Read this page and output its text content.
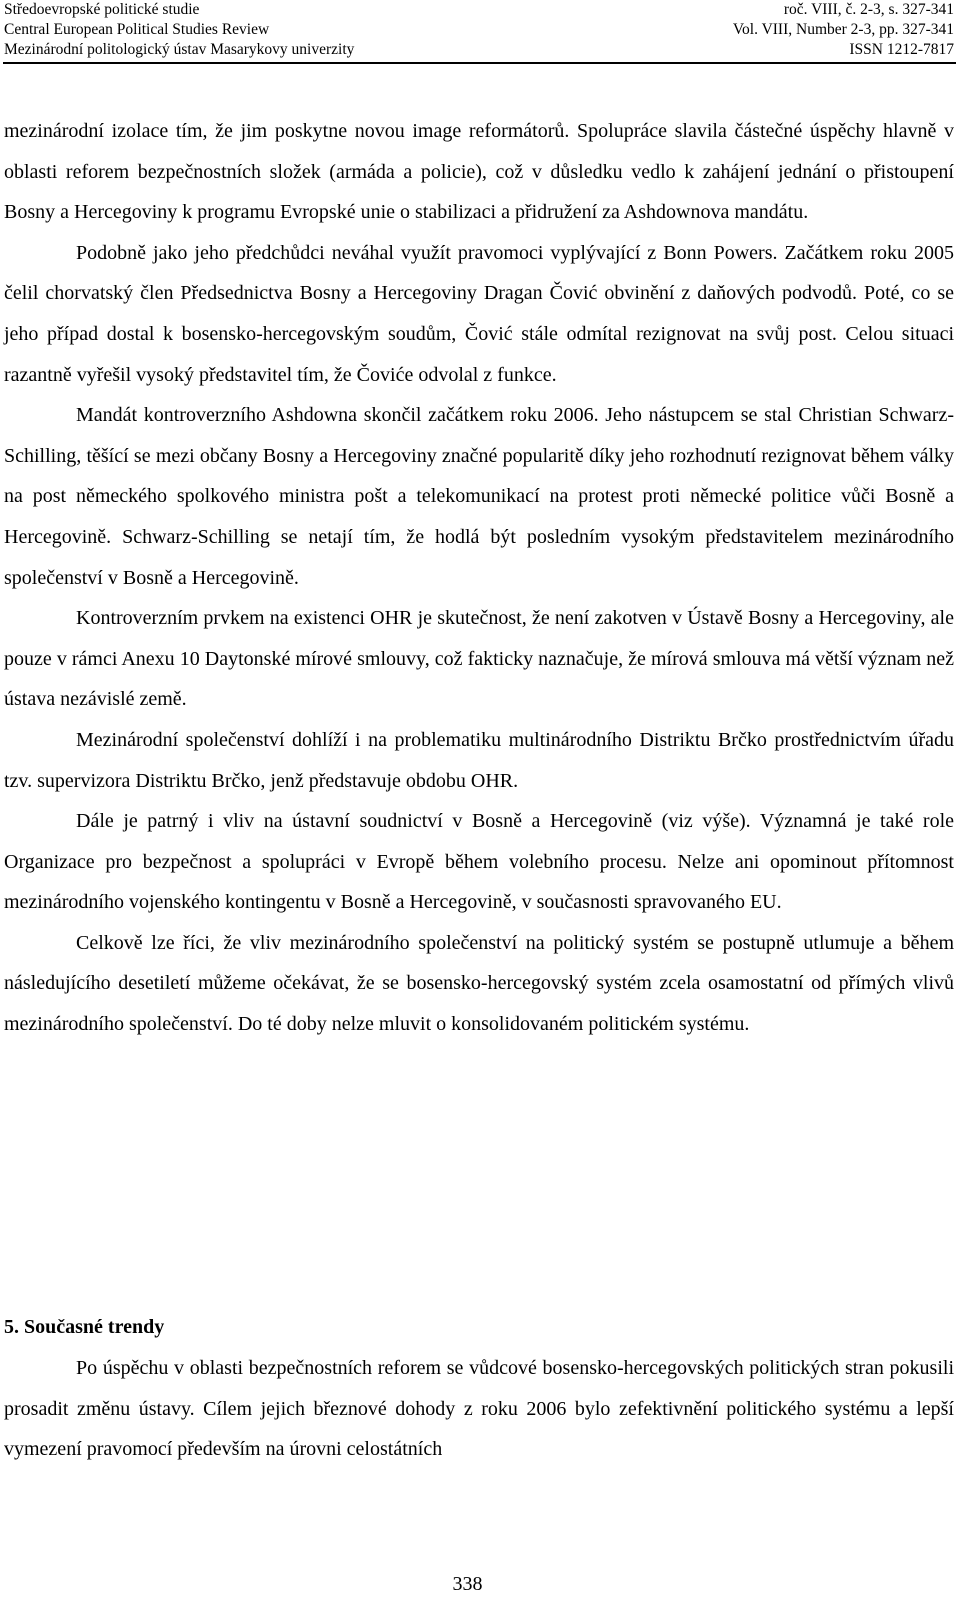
Středoevropské politické studie	roč. VIII, č. 2-3, s. 327-341
Central European Political Studies Review	Vol. VIII, Number 2-3, pp. 327-341
Mezinárodní politologický ústav Masarykovy univerzity	ISSN 1212-7817

mezinárodní izolace tím, že jim poskytne novou image reformátorů. Spolupráce slavila částečné úspěchy hlavně v oblasti reforem bezpečnostních složek (armáda a policie), což v důsledku vedlo k zahájení jednání o přistoupení Bosny a Hercegoviny k programu Evropské unie o stabilizaci a přidružení za Ashdownova mandátu.

Podobně jako jeho předchůdci neváhal využít pravomoci vyplývající z Bonn Powers. Začátkem roku 2005 čelil chorvatský člen Předsednictva Bosny a Hercegoviny Dragan Čović obvinění z daňových podvodů. Poté, co se jeho případ dostal k bosensko-hercegovským soudům, Čović stále odmítal rezignovat na svůj post. Celou situaci razantně vyřešil vysoký představitel tím, že Čoviće odvolal z funkce.

Mandát kontroverzního Ashdowna skončil začátkem roku 2006. Jeho nástupcem se stal Christian Schwarz-Schilling, těšící se mezi občany Bosny a Hercegoviny značné popularitě díky jeho rozhodnutí rezignovat během války na post německého spolkového ministra pošt a telekomunikací na protest proti německé politice vůči Bosně a Hercegovině. Schwarz-Schilling se netají tím, že hodlá být posledním vysokým představitelem mezinárodního společenství v Bosně a Hercegovině.

Kontroverzním prvkem na existenci OHR je skutečnost, že není zakotven v Ústavě Bosny a Hercegoviny, ale pouze v rámci Anexu 10 Daytonské mírové smlouvy, což fakticky naznačuje, že mírová smlouva má větší význam než ústava nezávislé země.

Mezinárodní společenství dohlíží i na problematiku multinárodního Distriktu Brčko prostřednictvím úřadu tzv. supervizora Distriktu Brčko, jenž představuje obdobu OHR.

Dále je patrný i vliv na ústavní soudnictví v Bosně a Hercegovině (viz výše). Významná je také role Organizace pro bezpečnost a spolupráci v Evropě během volebního procesu. Nelze ani opominout přítomnost mezinárodního vojenského kontingentu v Bosně a Hercegovině, v současnosti spravovaného EU.

Celkově lze říci, že vliv mezinárodního společenství na politický systém se postupně utlumuje a během následujícího desetiletí můžeme očekávat, že se bosensko-hercegovský systém zcela osamostatní od přímých vlivů mezinárodního společenství. Do té doby nelze mluvit o konsolidovaném politickém systému.

5. Současné trendy

Po úspěchu v oblasti bezpečnostních reforem se vůdcové bosensko-hercegovských politických stran pokusili prosadit změnu ústavy. Cílem jejich březnové dohody z roku 2006 bylo zefektivnění politického systému a lepší vymezení pravomocí především na úrovni celostátních

338
